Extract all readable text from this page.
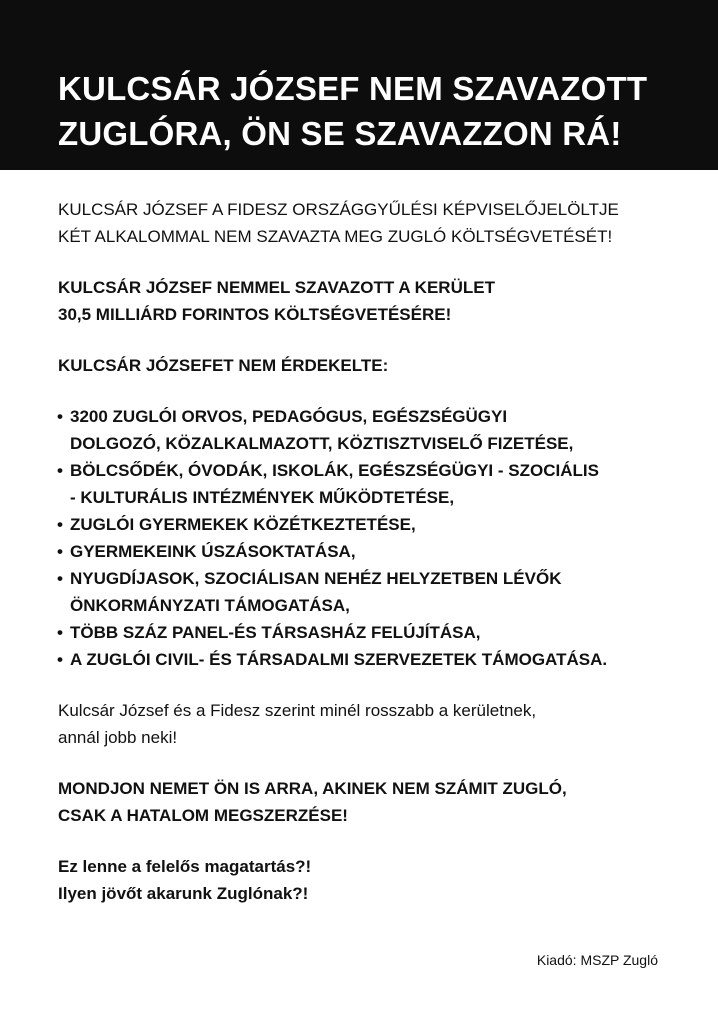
KULCSÁR JÓZSEF NEM SZAVAZOTT
ZUGLÓRA, ÖN SE SZAVAZZON RÁ!

KULCSÁR JÓZSEF A FIDESZ ORSZÁGGYŰLÉSI KÉPVISELŐJELÖLTJE
KÉT ALKALOMMAL NEM SZAVAZTA MEG ZUGLÓ KÖLTSÉGVETÉSÉT!

KULCSÁR JÓZSEF NEMMEL SZAVAZOTT A KERÜLET
30,5 MILLIÁRD FORINTOS KÖLTSÉGVETÉSÉRE!

KULCSÁR JÓZSEFET NEM ÉRDEKELTE:

• 3200 ZUGLÓI ORVOS, PEDAGÓGUS, EGÉSZSÉGÜGYI
DOLGOZÓ, KÖZALKALMAZOTT, KÖZTISZTVISELŐ FIZETÉSE,
• BÖLCSŐDÉK, ÓVODÁK, ISKOLÁK, EGÉSZSÉGÜGYI - SZOCIÁLIS
- KULTURÁLIS INTÉZMÉNYEK MŰKÖDTETÉSE,
• ZUGLÓI GYERMEKEK KÖZÉTKEZTETÉSE,
• GYERMEKEINK ÚSZÁSOKTATÁSA,
• NYUGDÍJASOK, SZOCIÁLISAN NEHÉZ HELYZETBEN LÉVŐK
ÖNKORMÁNYZATI TÁMOGATÁSA,
• TÖBB SZÁZ PANEL-ÉS TÁRSASHÁZ FELÚJÍTÁSA,
• A ZUGLÓI CIVIL- ÉS TÁRSADALMI SZERVEZETEK TÁMOGATÁSA.

Kulcsár József és a Fidesz szerint minél rosszabb a kerületnek,
annál jobb neki!

MONDJON NEMET ÖN IS ARRA, AKINEK NEM SZÁMIT ZUGLÓ,
CSAK A HATALOM MEGSZERZÉSE!

Ez lenne a felelős magatartás?!
Ilyen jövőt akarunk Zuglónak?!

Kiadó: MSZP Zugló
